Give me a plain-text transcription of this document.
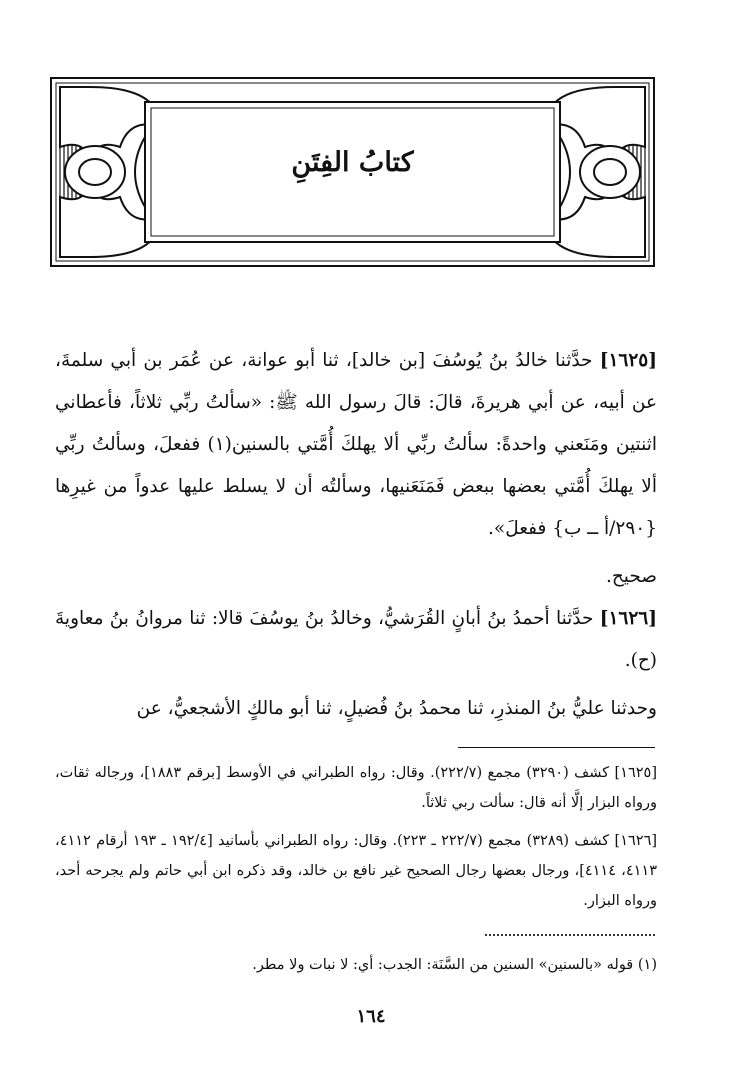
كتابُ الفِتَنِ
[١٦٢٥] حدَّثنا خالدُ بنُ يُوسُفَ [بن خالد]، ثنا أبو عوانة، عن عُمَر بن أبي سلمةَ، عن أبيه، عن أبي هريرةَ، قالَ: قالَ رسول الله ﷺ: «سألتُ ربِّي ثلاثاً، فأعطاني اثنتين ومَنَعني واحدةً: سألتُ ربِّي ألا يهلكَ أُمَّتي بالسنين(١) ففعلَ، وسألتُ ربِّي ألا يهلكَ أُمَّتي بعضها ببعض فَمَنَعَنيها، وسألتُه أن لا يسلط عليها عدواً من غيرِها {٢٩٠/أ ــ ب} ففعلَ».
صحيح.
[١٦٢٦] حدَّثنا أحمدُ بنُ أبانٍ القُرَشيُّ، وخالدُ بنُ يوسُفَ قالا: ثنا مروانُ بنُ معاويةَ (ح).
وحدثنا عليُّ بنُ المنذرِ، ثنا محمدُ بنُ فُضيلٍ، ثنا أبو مالكٍ الأشجعيُّ، عن
[١٦٢٥] كشف (٣٢٩٠) مجمع (٢٢٢/٧). وقال: رواه الطبراني في الأوسط [برقم ١٨٨٣]، ورجاله ثقات، ورواه البزار إلَّا أنه قال: سألت ربي ثلاثاً.
[١٦٢٦] كشف (٣٢٨٩) مجمع (٢٢٢/٧ ـ ٢٢٣). وقال: رواه الطبراني بأسانيد [١٩٢/٤ ـ ١٩٣ أرقام ٤١١٢، ٤١١٣، ٤١١٤]، ورجال بعضها رجال الصحيح غير نافع بن خالد، وقد ذكره ابن أبي حاتم ولم يجرحه أحد، ورواه البزار.
(١) قوله «بالسنين» السنين من السَّنَة: الجدب: أي: لا نبات ولا مطر.
١٦٤
